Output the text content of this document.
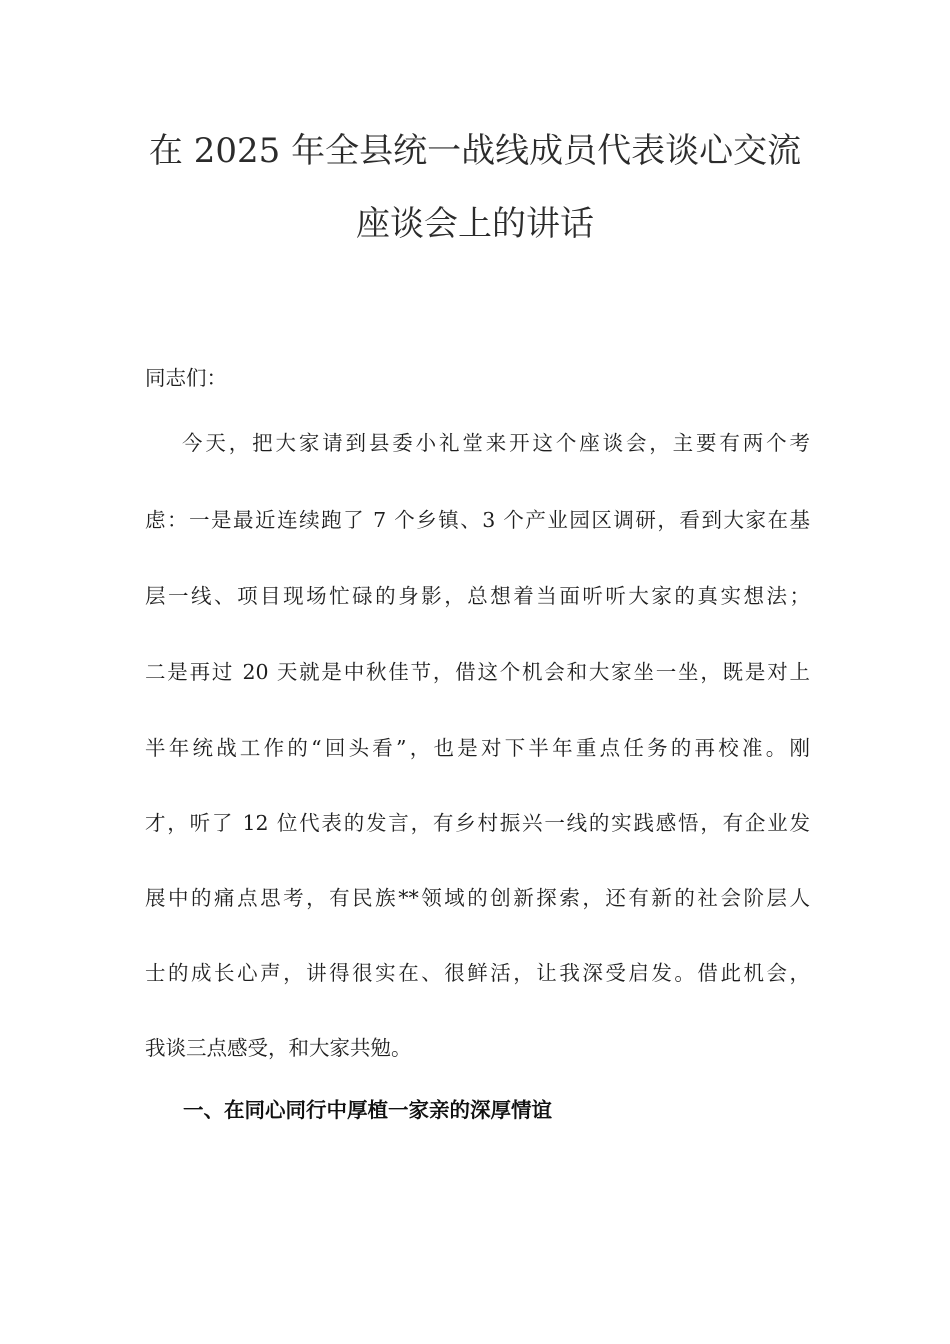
在 2025 年全县统一战线成员代表谈心交流
座谈会上的讲话
同志们：
今天，把大家请到县委小礼堂来开这个座谈会，主要有两个考
虑：一是最近连续跑了 7 个乡镇、3 个产业园区调研，看到大家在基
层一线、项目现场忙碌的身影，总想着当面听听大家的真实想法；
二是再过 20 天就是中秋佳节，借这个机会和大家坐一坐，既是对上
半年统战工作的“回头看”，也是对下半年重点任务的再校准。刚
才，听了 12 位代表的发言，有乡村振兴一线的实践感悟，有企业发
展中的痛点思考，有民族**领域的创新探索，还有新的社会阶层人
士的成长心声，讲得很实在、很鲜活，让我深受启发。借此机会，
我谈三点感受，和大家共勉。
一、在同心同行中厚植一家亲的深厚情谊
